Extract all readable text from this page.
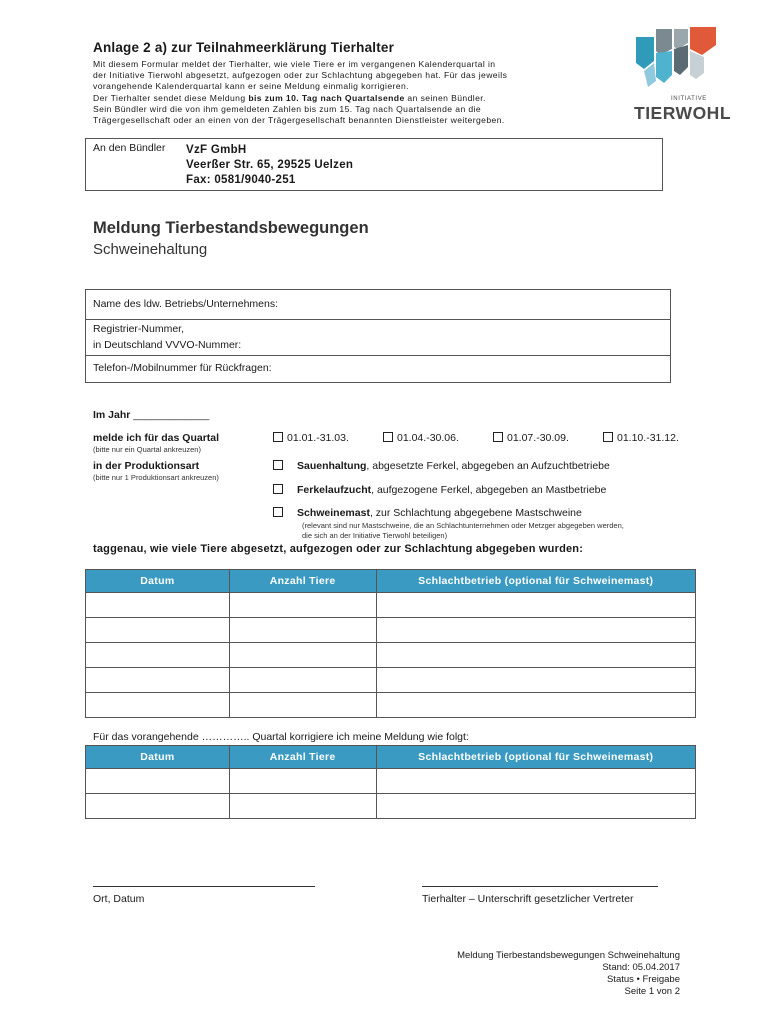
Anlage 2 a) zur Teilnahmeerklärung Tierhalter
Mit diesem Formular meldet der Tierhalter, wie viele Tiere er im vergangenen Kalenderquartal in
der Initiative Tierwohl abgesetzt, aufgezogen oder zur Schlachtung abgegeben hat. Für das jeweils
vorangehende Kalenderquartal kann er seine Meldung einmalig korrigieren.
Der Tierhalter sendet diese Meldung bis zum 10. Tag nach Quartalsende an seinen Bündler.
Sein Bündler wird die von ihm gemeldeten Zahlen bis zum 15. Tag nach Quartalsende an die
Trägergesellschaft oder an einen von der Trägergesellschaft benannten Dienstleister weitergeben.
INITIATIVE
TIERWOHL
An den Bündler VzF GmbH
Veerßer Str. 65, 29525 Uelzen
Fax: 0581/9040-251
Meldung Tierbestandsbewegungen
Schweinehaltung
Name des ldw. Betriebs/Unternehmens:
Registrier-Nummer,
in Deutschland VVVO-Nummer:
Telefon-/Mobilnummer für Rückfragen:
Im Jahr _____________
melde ich für das Quartal
(bitte nur ein Quartal ankreuzen)
01.01.-31.03.	01.04.-30.06.	01.07.-30.09.	01.10.-31.12.
in der Produktionsart
(bitte nur 1 Produktionsart ankreuzen)
Sauenhaltung, abgesetzte Ferkel, abgegeben an Aufzuchtbetriebe
Ferkelaufzucht, aufgezogene Ferkel, abgegeben an Mastbetriebe
Schweinemast, zur Schlachtung abgegebene Mastschweine
(relevant sind nur Mastschweine, die an Schlachtunternehmen oder Metzger abgegeben werden,
die sich an der Initiative Tierwohl beteiligen)
taggenau, wie viele Tiere abgesetzt, aufgezogen oder zur Schlachtung abgegeben wurden:
Datum	Anzahl Tiere	Schlachtbetrieb (optional für Schweinemast)

Für das vorangehende ………….. Quartal korrigiere ich meine Meldung wie folgt:
Datum	Anzahl Tiere	Schlachtbetrieb (optional für Schweinemast)

Ort, Datum	Tierhalter – Unterschrift gesetzlicher Vertreter
Meldung Tierbestandsbewegungen Schweinehaltung
Stand: 05.04.2017
Status • Freigabe
Seite 1 von 2
